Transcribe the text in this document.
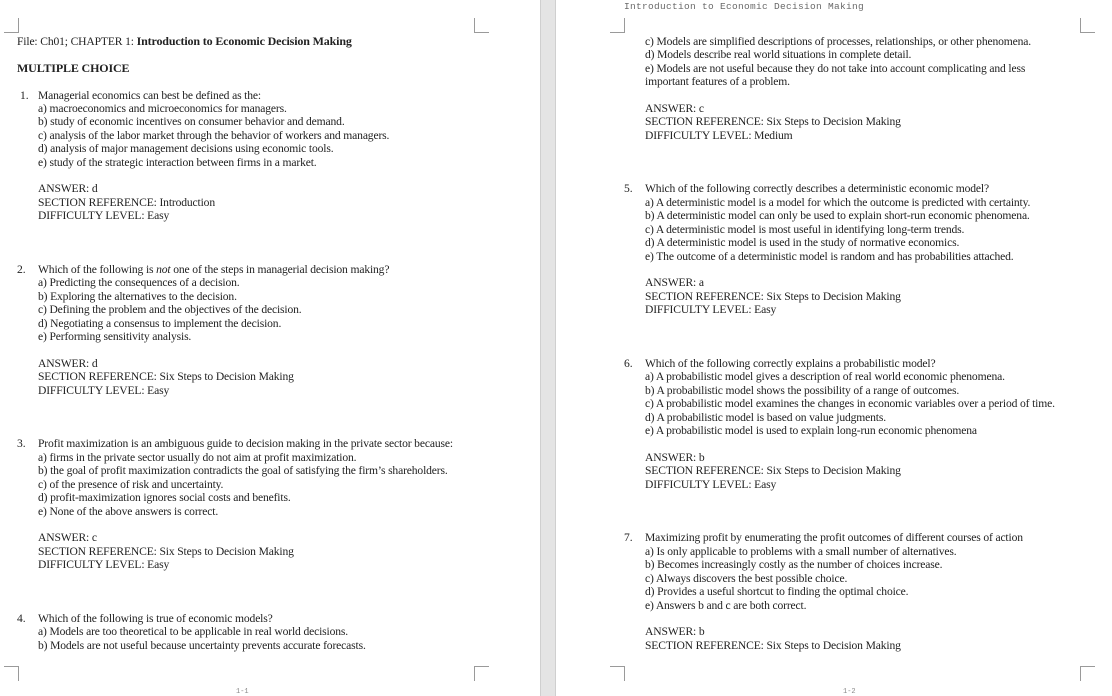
File: Ch01; CHAPTER 1: Introduction to Economic Decision Making
MULTIPLE CHOICE
1. Managerial economics can best be defined as the:
a) macroeconomics and microeconomics for managers.
b) study of economic incentives on consumer behavior and demand.
c) analysis of the labor market through the behavior of workers and managers.
d) analysis of major management decisions using economic tools.
e) study of the strategic interaction between firms in a market.
ANSWER: d
SECTION REFERENCE: Introduction
DIFFICULTY LEVEL: Easy
2. Which of the following is not one of the steps in managerial decision making?
a) Predicting the consequences of a decision.
b) Exploring the alternatives to the decision.
c) Defining the problem and the objectives of the decision.
d) Negotiating a consensus to implement the decision.
e) Performing sensitivity analysis.
ANSWER: d
SECTION REFERENCE: Six Steps to Decision Making
DIFFICULTY LEVEL: Easy
3. Profit maximization is an ambiguous guide to decision making in the private sector because:
a) firms in the private sector usually do not aim at profit maximization.
b) the goal of profit maximization contradicts the goal of satisfying the firm’s shareholders.
c) of the presence of risk and uncertainty.
d) profit-maximization ignores social costs and benefits.
e) None of the above answers is correct.
ANSWER: c
SECTION REFERENCE: Six Steps to Decision Making
DIFFICULTY LEVEL: Easy
4. Which of the following is true of economic models?
a) Models are too theoretical to be applicable in real world decisions.
b) Models are not useful because uncertainty prevents accurate forecasts.
1-1
Introduction to Economic Decision Making
c) Models are simplified descriptions of processes, relationships, or other phenomena.
d) Models describe real world situations in complete detail.
e) Models are not useful because they do not take into account complicating and less
important features of a problem.
ANSWER: c
SECTION REFERENCE: Six Steps to Decision Making
DIFFICULTY LEVEL: Medium
5. Which of the following correctly describes a deterministic economic model?
a) A deterministic model is a model for which the outcome is predicted with certainty.
b) A deterministic model can only be used to explain short-run economic phenomena.
c) A deterministic model is most useful in identifying long-term trends.
d) A deterministic model is used in the study of normative economics.
e) The outcome of a deterministic model is random and has probabilities attached.
ANSWER: a
SECTION REFERENCE: Six Steps to Decision Making
DIFFICULTY LEVEL: Easy
6. Which of the following correctly explains a probabilistic model?
a) A probabilistic model gives a description of real world economic phenomena.
b) A probabilistic model shows the possibility of a range of outcomes.
c) A probabilistic model examines the changes in economic variables over a period of time.
d) A probabilistic model is based on value judgments.
e) A probabilistic model is used to explain long-run economic phenomena
ANSWER: b
SECTION REFERENCE: Six Steps to Decision Making
DIFFICULTY LEVEL: Easy
7. Maximizing profit by enumerating the profit outcomes of different courses of action
a) Is only applicable to problems with a small number of alternatives.
b) Becomes increasingly costly as the number of choices increase.
c) Always discovers the best possible choice.
d) Provides a useful shortcut to finding the optimal choice.
e) Answers b and c are both correct.
ANSWER: b
SECTION REFERENCE: Six Steps to Decision Making
1-2
